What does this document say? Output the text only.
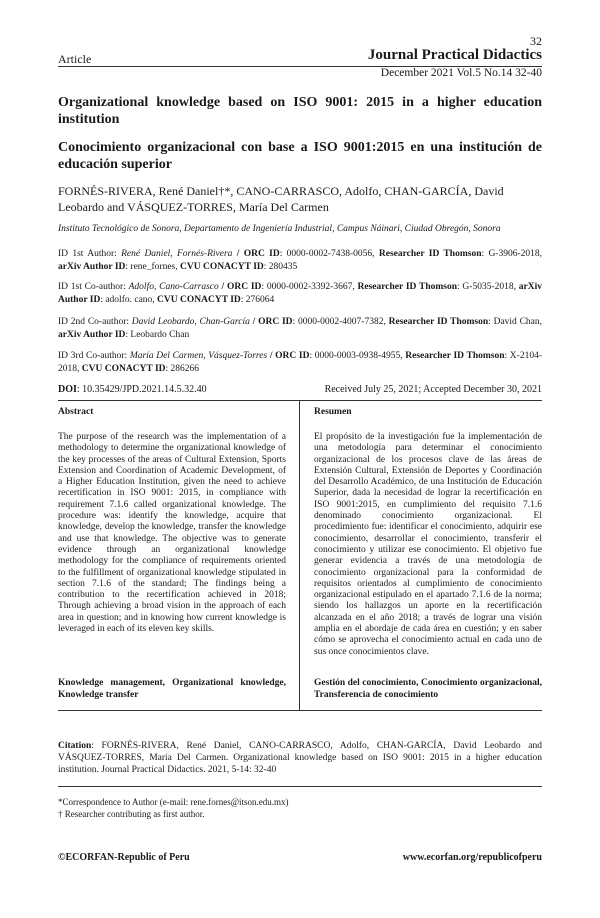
32
Article	Journal Practical Didactics
December 2021 Vol.5 No.14 32-40
Organizational knowledge based on ISO 9001: 2015 in a higher education institution
Conocimiento organizacional con base a ISO 9001:2015 en una institución de educación superior
FORNÉS-RIVERA, René Daniel†*, CANO-CARRASCO, Adolfo, CHAN-GARCÍA, David Leobardo and VÁSQUEZ-TORRES, María Del Carmen
Instituto Tecnológico de Sonora, Departamento de Ingeniería Industrial, Campus Náinari, Ciudad Obregón, Sonora
ID 1st Author: René Daniel, Fornés-Rivera / ORC ID: 0000-0002-7438-0056, Researcher ID Thomson: G-3906-2018, arXiv Author ID: rene_fornes, CVU CONACYT ID: 280435
ID 1st Co-author: Adolfo, Cano-Carrasco / ORC ID: 0000-0002-3392-3667, Researcher ID Thomson: G-5035-2018, arXiv Author ID: adolfo. cano, CVU CONACYT ID: 276064
ID 2nd Co-author: David Leobardo, Chan-García / ORC ID: 0000-0002-4007-7382, Researcher ID Thomson: David Chan, arXiv Author ID: Leobardo Chan
ID 3rd Co-author: María Del Carmen, Vásquez-Torres / ORC ID: 0000-0003-0938-4955, Researcher ID Thomson: X-2104-2018, CVU CONACYT ID: 286266
DOI: 10.35429/JPD.2021.14.5.32.40	Received July 25, 2021; Accepted December 30, 2021
Abstract
The purpose of the research was the implementation of a methodology to determine the organizational knowledge of the key processes of the areas of Cultural Extension, Sports Extension and Coordination of Academic Development, of a Higher Education Institution, given the need to achieve recertification in ISO 9001: 2015, in compliance with requirement 7.1.6 called organizational knowledge. The procedure was: identify the knowledge, acquire that knowledge, develop the knowledge, transfer the knowledge and use that knowledge. The objective was to generate evidence through an organizational knowledge methodology for the compliance of requirements oriented to the fulfillment of organizational knowledge stipulated in section 7.1.6 of the standard; The findings being a contribution to the recertification achieved in 2018; Through achieving a broad vision in the approach of each area in question; and in knowing how current knowledge is leveraged in each of its eleven key skills.
Knowledge management, Organizational knowledge, Knowledge transfer
Resumen
El propósito de la investigación fue la implementación de una metodología para determinar el conocimiento organizacional de los procesos clave de las áreas de Extensión Cultural, Extensión de Deportes y Coordinación del Desarrollo Académico, de una Institución de Educación Superior, dada la necesidad de lograr la recertificación en ISO 9001:2015, en cumplimiento del requisito 7.1.6 denominado conocimiento organizacional. El procedimiento fue: identificar el conocimiento, adquirir ese conocimiento, desarrollar el conocimiento, transferir el conocimiento y utilizar ese conocimiento. El objetivo fue generar evidencia a través de una metodología de conocimiento organizacional para la conformidad de requisitos orientados al cumplimiento de conocimiento organizacional estipulado en el apartado 7.1.6 de la norma; siendo los hallazgos un aporte en la recertificación alcanzada en el año 2018; a través de lograr una visión amplia en el abordaje de cada área en cuestión; y en saber cómo se aprovecha el conocimiento actual en cada uno de sus once conocimientos clave.
Gestión del conocimiento, Conocimiento organizacional, Transferencia de conocimiento
Citation: FORNÉS-RIVERA, René Daniel, CANO-CARRASCO, Adolfo, CHAN-GARCÍA, David Leobardo and VÁSQUEZ-TORRES, María Del Carmen. Organizational knowledge based on ISO 9001: 2015 in a higher education institution. Journal Practical Didactics. 2021, 5-14: 32-40
*Correspondence to Author (e-mail: rene.fornes@itson.edu.mx)
† Researcher contributing as first author.
©ECORFAN-Republic of Peru	www.ecorfan.org/republicofperu
